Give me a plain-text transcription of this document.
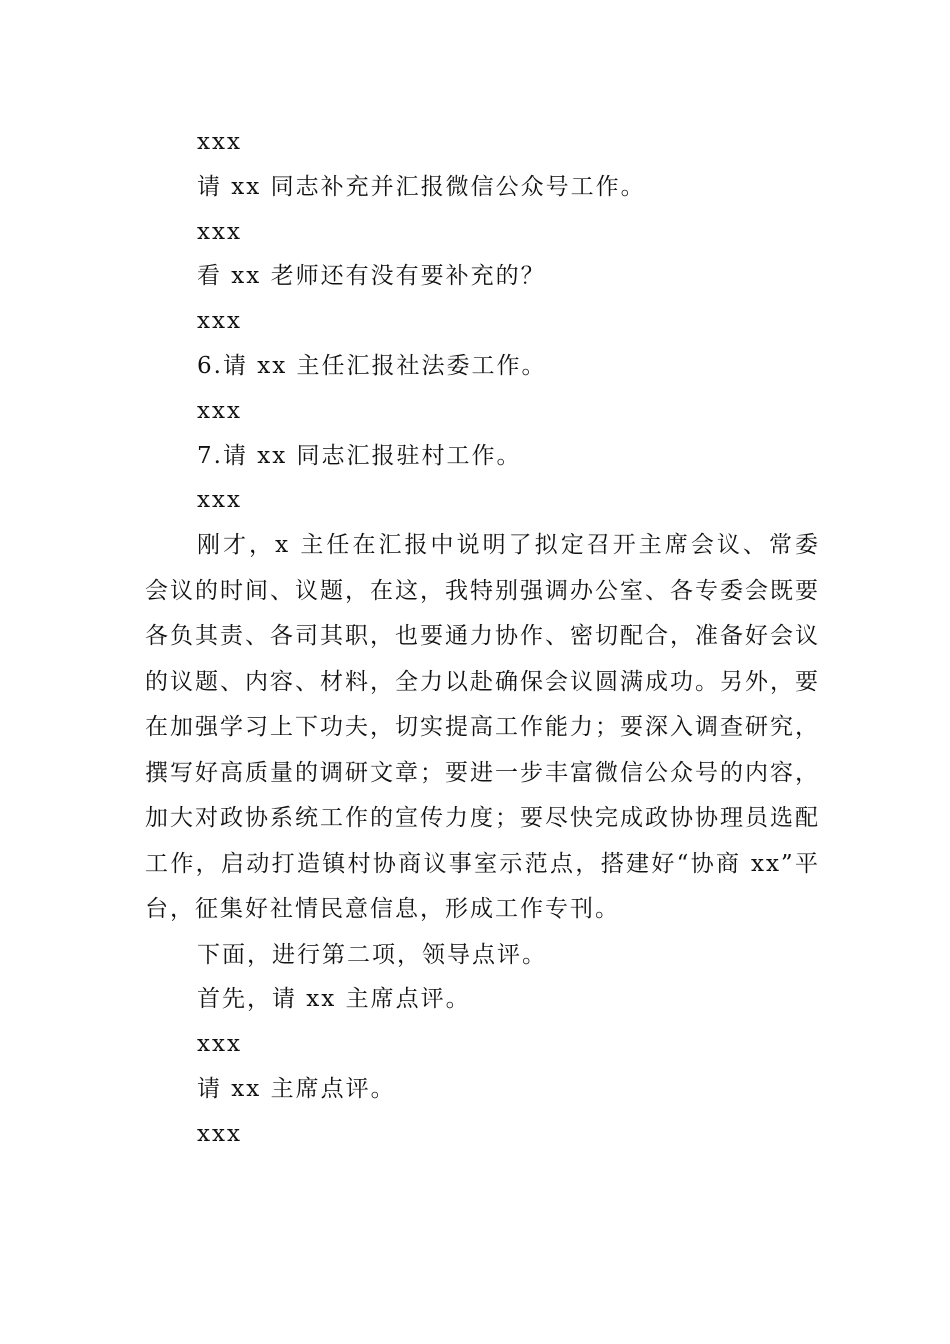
xxx
请 xx 同志补充并汇报微信公众号工作。
xxx
看 xx 老师还有没有要补充的？
xxx
6.请 xx 主任汇报社法委工作。
xxx
7.请 xx 同志汇报驻村工作。
xxx

刚才，x 主任在汇报中说明了拟定召开主席会议、常委会议的时间、议题，在这，我特别强调办公室、各专委会既要各负其责、各司其职，也要通力协作、密切配合，准备好会议的议题、内容、材料，全力以赴确保会议圆满成功。另外，要在加强学习上下功夫，切实提高工作能力；要深入调查研究，撰写好高质量的调研文章；要进一步丰富微信公众号的内容，加大对政协系统工作的宣传力度；要尽快完成政协协理员选配工作，启动打造镇村协商议事室示范点，搭建好“协商 xx”平台，征集好社情民意信息，形成工作专刊。

下面，进行第二项，领导点评。
首先，请 xx 主席点评。
xxx
请 xx 主席点评。
xxx
